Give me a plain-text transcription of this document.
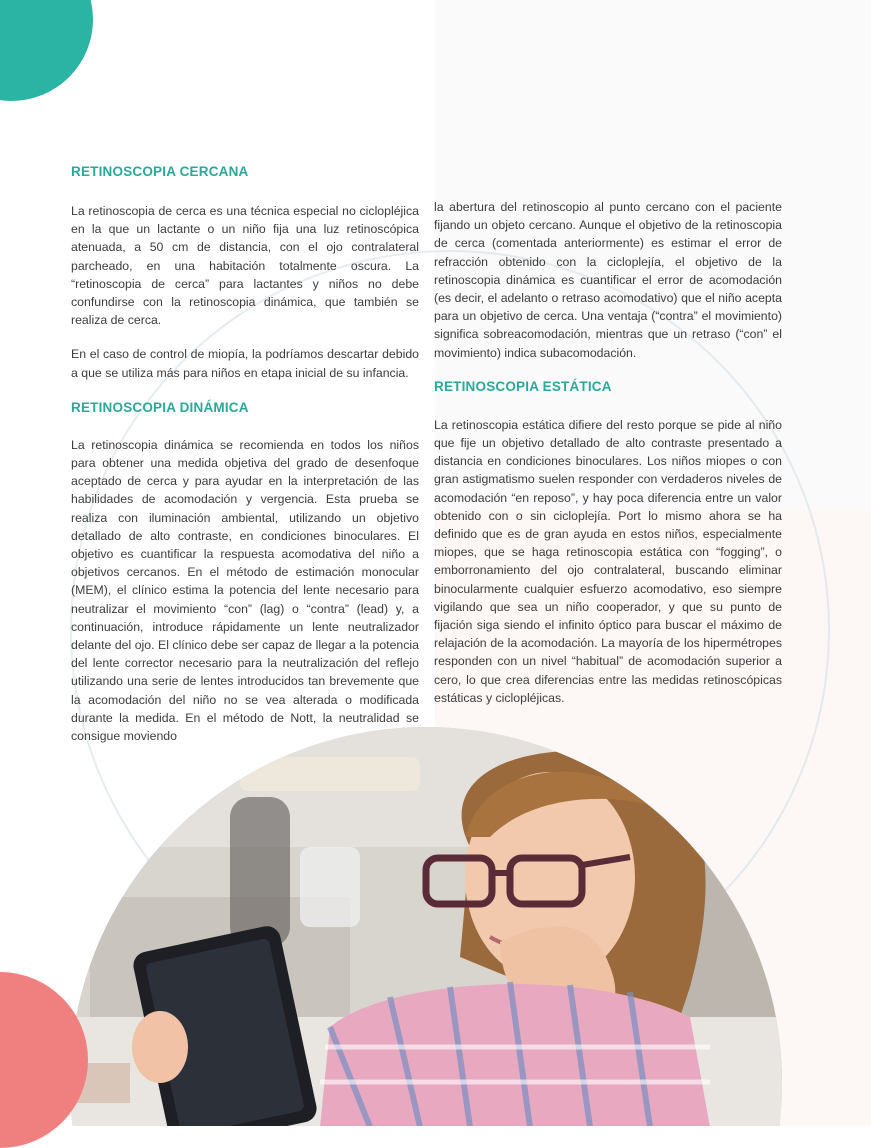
RETINOSCOPIA CERCANA

La retinoscopia de cerca es una técnica especial no ciclopléjica en la que un lactante o un niño fija una luz retinoscópica atenuada, a 50 cm de distancia, con el ojo contralateral parcheado, en una habitación totalmente oscura. La “retinoscopia de cerca” para lactantes y niños no debe confundirse con la retinoscopia dinámica, que también se realiza de cerca.

En el caso de control de miopía, la podríamos descartar debido a que se utiliza más para niños en etapa inicial de su infancia.

RETINOSCOPIA DINÁMICA

La retinoscopia dinámica se recomienda en todos los niños para obtener una medida objetiva del grado de desenfoque aceptado de cerca y para ayudar en la interpretación de las habilidades de acomodación y vergencia. Esta prueba se realiza con iluminación ambiental, utilizando un objetivo detallado de alto contraste, en condiciones binoculares. El objetivo es cuantificar la respuesta acomodativa del niño a objetivos cercanos. En el método de estimación monocular (MEM), el clínico estima la potencia del lente necesario para neutralizar el movimiento “con” (lag) o “contra” (lead) y, a continuación, introduce rápidamente un lente neutralizador delante del ojo. El clínico debe ser capaz de llegar a la potencia del lente corrector necesario para la neutralización del reflejo utilizando una serie de lentes introducidos tan brevemente que la acomodación del niño no se vea alterada o modificada durante la medida. En el método de Nott, la neutralidad se

la abertura del retinoscopio al punto cercano con el paciente fijando un objeto cercano. Aunque el objetivo de la retinoscopia de cerca (comentada anteriormente) es estimar el error de refracción obtenido con la cicloplejía, el objetivo de la retinoscopia dinámica es cuantificar el error de acomodación (es decir, el adelanto o retraso acomodativo) que el niño acepta para un objetivo de cerca. Una ventaja (“contra” el movimiento) significa sobreacomodación, mientras que un retraso (“con” el movimiento) indica subacomodación.

RETINOSCOPIA ESTÁTICA

La retinoscopia estática difiere del resto porque se pide al niño que fije un objetivo detallado de alto contraste presentado a distancia en condiciones binoculares. Los niños miopes o con gran astigmatismo suelen responder con verdaderos niveles de acomodación “en reposo”, y hay poca diferencia entre un valor obtenido con o sin cicloplejía. Port lo mismo ahora se ha definido que es de gran ayuda en estos niños, especialmente miopes, que se haga retinoscopia estática con “fogging”, o emborronamiento del ojo contralateral, buscando eliminar binocularmente cualquier esfuerzo acomodativo, eso siempre vigilando que sea un niño cooperador, y que su punto de fijación siga siendo el infinito óptico para buscar el máximo de relajación de la acomodación. La mayoría de los hipermétropes responden con un nivel “habitual” de acomodación superior a cero, lo que crea diferencias entre las medidas retinoscópicas estáticas y ciclopléjicas.
